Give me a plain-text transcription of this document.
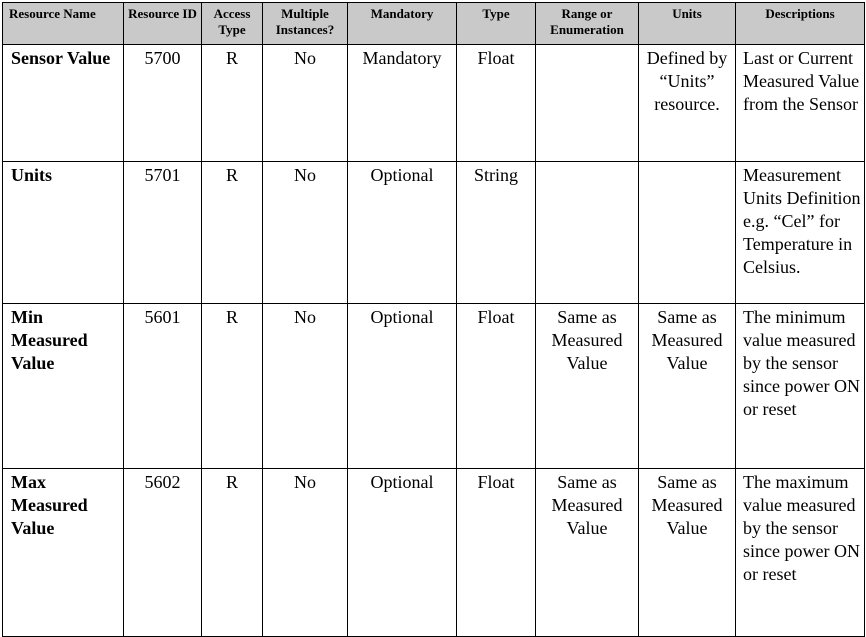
Resource Name	Resource ID	Access Type	Multiple Instances?	Mandatory	Type	Range or Enumeration	Units	Descriptions
Sensor Value	5700	R	No	Mandatory	Float		Defined by “Units” resource.	Last or Current Measured Value from the Sensor
Units	5701	R	No	Optional	String			Measurement Units Definition e.g. “Cel” for Temperature in Celsius.
Min Measured Value	5601	R	No	Optional	Float	Same as Measured Value	Same as Measured Value	The minimum value measured by the sensor since power ON or reset
Max Measured Value	5602	R	No	Optional	Float	Same as Measured Value	Same as Measured Value	The maximum value measured by the sensor since power ON or reset
